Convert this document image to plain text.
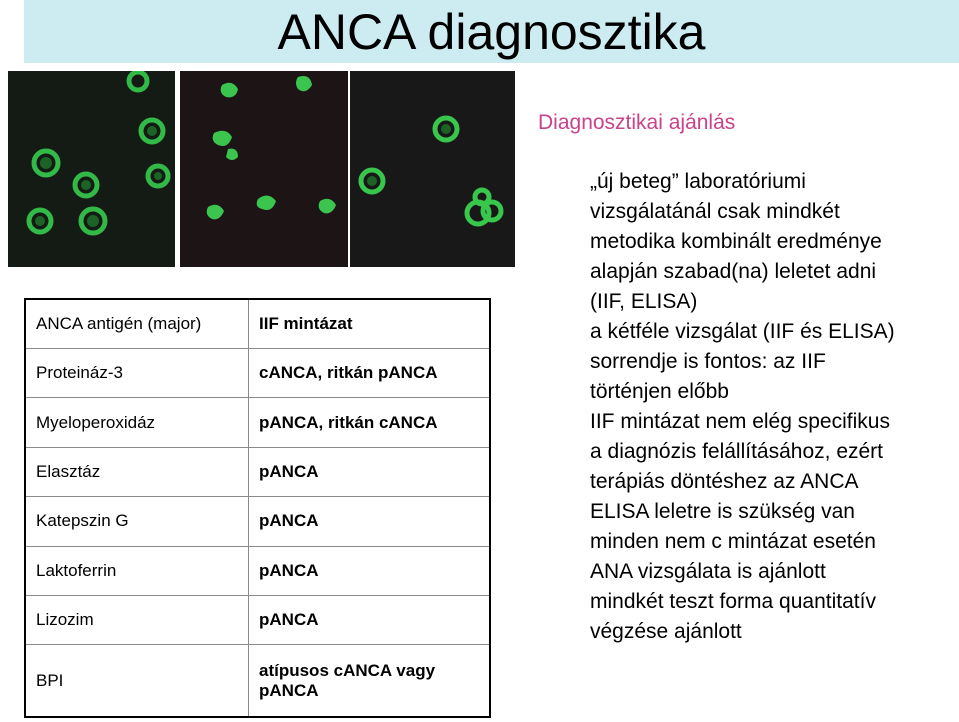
ANCA diagnosztika
Diagnosztikai ajánlás
„új beteg” laboratóriumi
vizsgálatánál csak mindkét
metodika kombinált eredménye
alapján szabad(na) leletet adni
(IIF, ELISA)
a kétféle vizsgálat (IIF és ELISA)
sorrendje is fontos: az IIF
történjen előbb
IIF mintázat nem elég specifikus
a diagnózis felállításához, ezért
terápiás döntéshez az ANCA
ELISA leletre is szükség van
minden nem c mintázat esetén
ANA vizsgálata is ajánlott
mindkét teszt forma quantitatív
végzése ajánlott
ANCA antigén (major)	IIF mintázat
Proteináz-3	cANCA, ritkán pANCA
Myeloperoxidáz	pANCA, ritkán cANCA
Elasztáz	pANCA
Katepszin G	pANCA
Laktoferrin	pANCA
Lizozim	pANCA
BPI	atípusos cANCA vagy pANCA
